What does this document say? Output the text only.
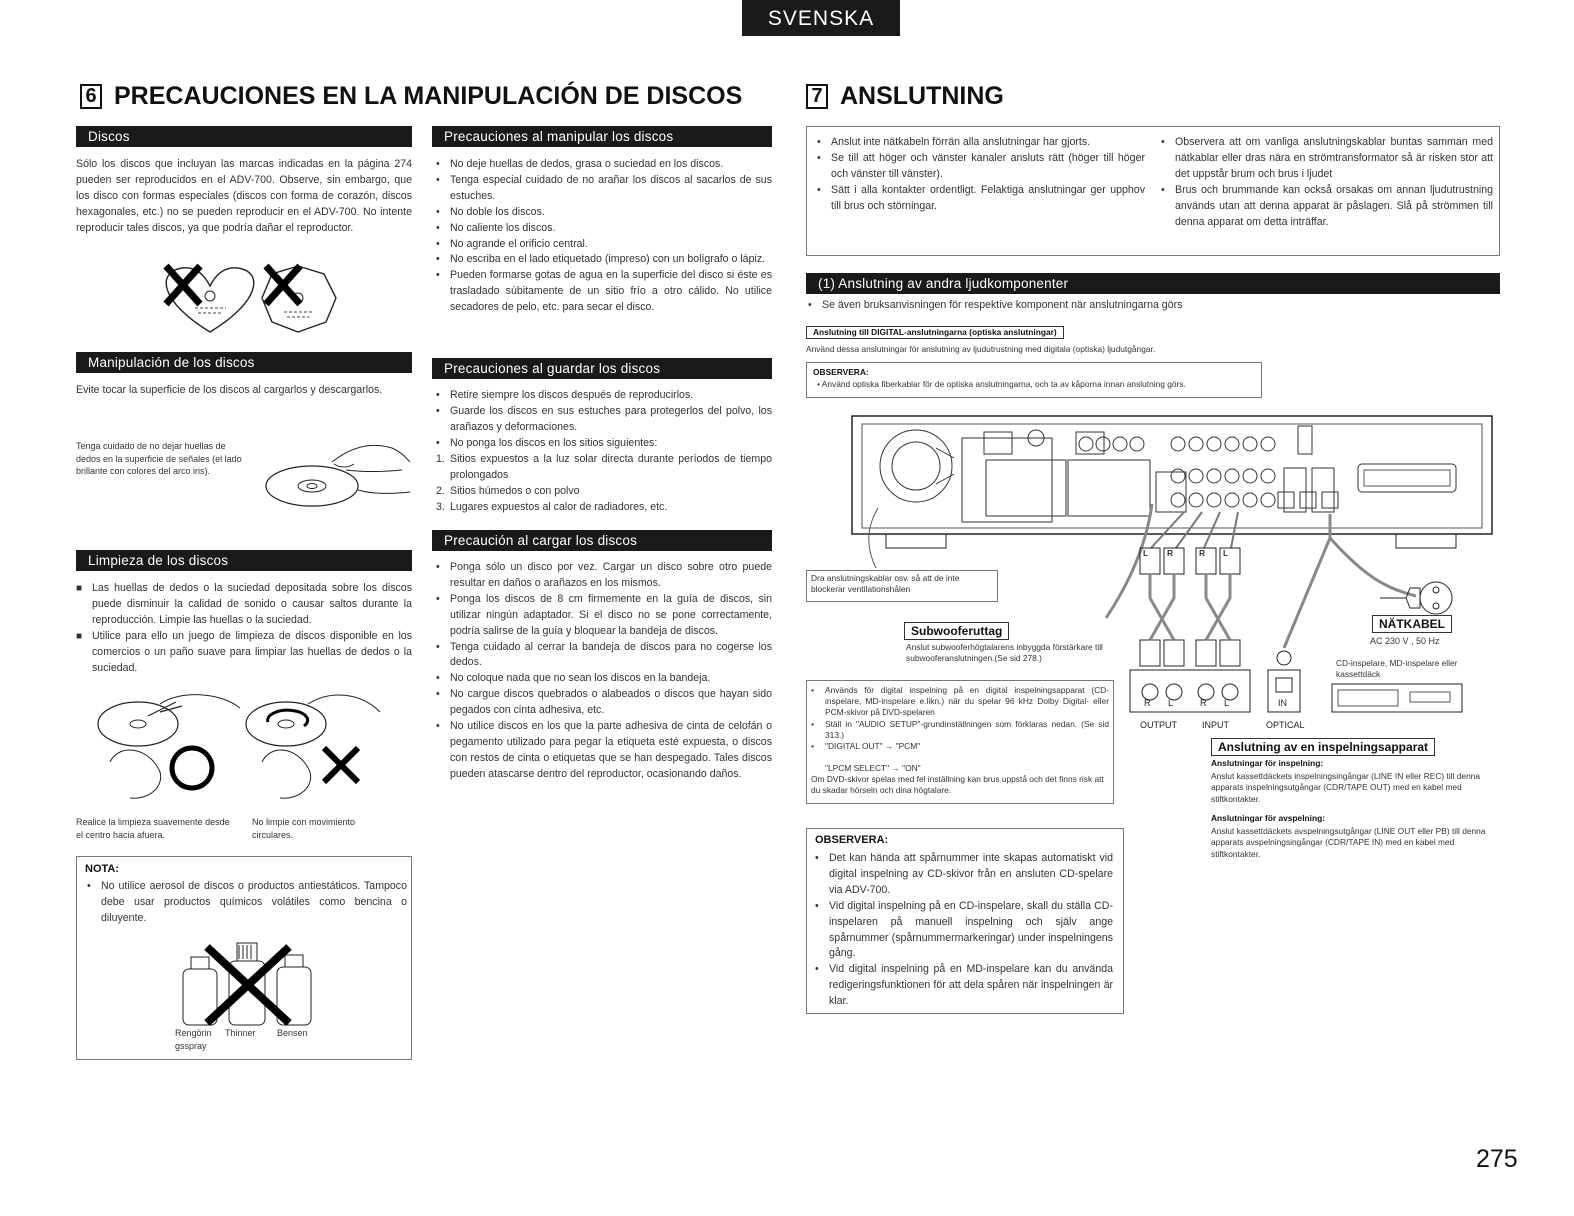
SVENSKA
6 PRECAUCIONES EN LA MANIPULACIÓN DE DISCOS
Discos
Sólo los discos que incluyan las marcas indicadas en la página 274 pueden ser reproducidos en el ADV-700. Observe, sin embargo, que los disco con formas especiales (discos con forma de corazón, discos hexagonales, etc.) no se pueden reproducir en el ADV-700. No intente reproducir tales discos, ya que podría dañar el reproductor.
Manipulación de los discos
Evite tocar la superficie de los discos al cargarlos y descargarlos.
Tenga cuidado de no dejar huellas de dedos en la superficie de señales (el lado brillante con colores del arco iris).
Limpieza de los discos
■ Las huellas de dedos o la suciedad depositada sobre los discos puede disminuir la calidad de sonido o causar saltos durante la reproducción. Limpie las huellas o la suciedad.
■ Utilice para ello un juego de limpieza de discos disponible en los comercios o un paño suave para limpiar las huellas de dedos o la suciedad.
Realice la limpieza suavemente desde el centro hacia afuera.
No limpie con movimiento circulares.
NOTA:
• No utilice aerosol de discos o productos antiestáticos. Tampoco debe usar productos químicos volátiles como bencina o diluyente.
Rengörin gsspray
Thinner Bensen
Precauciones al manipular los discos
• No deje huellas de dedos, grasa o suciedad en los discos.
• Tenga especial cuidado de no arañar los discos al sacarlos de sus estuches.
• No doble los discos.
• No caliente los discos.
• No agrande el orificio central.
• No escriba en el lado etiquetado (impreso) con un bolígrafo o lápiz.
• Pueden formarse gotas de agua en la superficie del disco si éste es trasladado súbitamente de un sitio frío a otro cálido. No utilice secadores de pelo, etc. para secar el disco.
Precauciones al guardar los discos
• Retire siempre los discos después de reproducirlos.
• Guarde los discos en sus estuches para protegerlos del polvo, los arañazos y deformaciones.
• No ponga los discos en los sitios siguientes:
1. Sitios expuestos a la luz solar directa durante períodos de tiempo prolongados
2. Sitios húmedos o con polvo
3. Lugares expuestos al calor de radiadores, etc.
Precaución al cargar los discos
• Ponga sólo un disco por vez. Cargar un disco sobre otro puede resultar en daños o arañazos en los mismos.
• Ponga los discos de 8 cm firmemente en la guía de discos, sin utilizar ningún adaptador. Si el disco no se pone correctamente, podría salirse de la guía y bloquear la bandeja de discos.
• Tenga cuidado al cerrar la bandeja de discos para no cogerse los dedos.
• No coloque nada que no sean los discos en la bandeja.
• No cargue discos quebrados o alabeados o discos que hayan sido pegados con cinta adhesiva, etc.
• No utilice discos en los que la parte adhesiva de cinta de celofán o pegamento utilizado para pegar la etiqueta esté expuesta, o discos con restos de cinta o etiquetas que se han despegado. Tales discos pueden atascarse dentro del reproductor, ocasionando daños.
7 ANSLUTNING
• Anslut inte nätkabeln förrän alla anslutningar har gjorts.
• Se till att höger och vänster kanaler ansluts rätt (höger till höger och vänster till vänster).
• Sätt i alla kontakter ordentligt. Felaktiga anslutningar ger upphov till brus och störningar.
• Observera att om vanliga anslutningskablar buntas samman med nätkablar eller dras nära en strömtransformator så är risken stor att det uppstår brum och brus i ljudet
• Brus och brummande kan också orsakas om annan ljudutrustning används utan att denna apparat är påslagen. Slå på strömmen till denna apparat om detta inträffar.
(1) Anslutning av andra ljudkomponenter
• Se även bruksanvisningen för respektive komponent när anslutningarna görs
Anslutning till DIGITAL-anslutningarna (optiska anslutningar)
Använd dessa anslutningar för anslutning av ljudutrustning med digitala (optiska) ljudutgångar.
OBSERVERA:
• Använd optiska fiberkablar för de optiska anslutningarna, och ta av kåporna innan anslutning görs.
Dra anslutningskablar osv. så att de inte blockerar ventilationshålen
Subwooferuttag
Anslut subwooferhögtalarens inbyggda förstärkare till subwooferanslutningen.(Se sid 278.)
L R	R L
R L	R L	IN
OUTPUT	INPUT	OPTICAL
NÄTKABEL
AC 230 V , 50 Hz
CD-inspelare, MD-inspelare eller kassettdäck
• Används för digital inspelning på en digital inspelningsapparat (CD-inspelare, MD-inspelare e.likn.) när du spelar 96 kHz Dolby Digital- eller PCM-skivor på DVD-spelaren
• Ställ in "AUDIO SETUP"-grundinställningen som förklaras nedan. (Se sid 313.)
• "DIGITAL OUT" → "PCM"
"LPCM SELECT" → "ON"
Om DVD-skivor spelas med fel inställning kan brus uppstå och det finns risk att du skadar hörseln och dina högtalare.
Anslutning av en inspelningsapparat
Anslutningar för inspelning:
Anslut kassettdäckets inspelningsingångar (LINE IN eller REC) till denna apparats inspelningsutgångar (CDR/TAPE OUT) med en kabel med stiftkontakter.
Anslutningar för avspelning:
Anslut kassettdäckets avspelningsutgångar (LINE OUT eller PB) till denna apparats avspelningsingångar (CDR/TAPE IN) med en kabel med stiftkontakter.
OBSERVERA:
• Det kan hända att spårnummer inte skapas automatiskt vid digital inspelning av CD-skivor från en ansluten CD-spelare via ADV-700.
• Vid digital inspelning på en CD-inspelare, skall du ställa CD-inspelaren på manuell inspelning och själv ange spårnummer (spårnummermarkeringar) under inspelningens gång.
• Vid digital inspelning på en MD-inspelare kan du använda redigeringsfunktionen för att dela spåren när inspelningen är klar.
275
